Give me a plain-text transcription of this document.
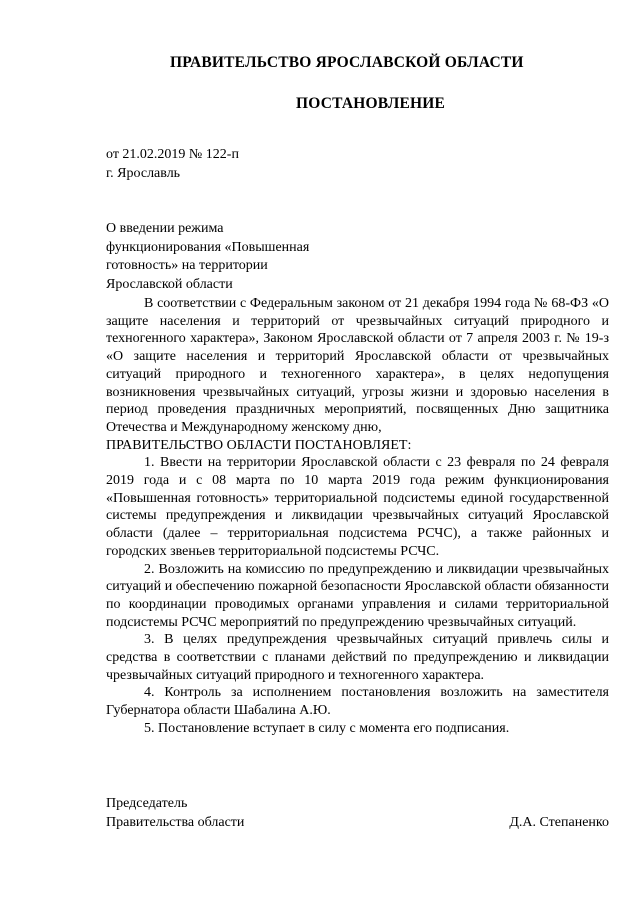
ПРАВИТЕЛЬСТВО ЯРОСЛАВСКОЙ ОБЛАСТИ
ПОСТАНОВЛЕНИЕ
от 21.02.2019 № 122-п
г. Ярославль
О введении режима
функционирования «Повышенная
готовность» на территории
Ярославской области

В соответствии с Федеральным законом от 21 декабря 1994 года № 68-ФЗ «О защите населения и территорий от чрезвычайных ситуаций природного и техногенного характера», Законом Ярославской области от 7 апреля 2003 г. № 19-з «О защите населения и территорий Ярославской области от чрезвычайных ситуаций природного и техногенного характера», в целях недопущения возникновения чрезвычайных ситуаций, угрозы жизни и здоровью населения в период проведения праздничных мероприятий, посвященных Дню защитника Отечества и Международному женскому дню,

ПРАВИТЕЛЬСТВО ОБЛАСТИ ПОСТАНОВЛЯЕТ:

1. Ввести на территории Ярославской области с 23 февраля по 24 февраля 2019 года и с 08 марта по 10 марта 2019 года режим функционирования «Повышенная готовность» территориальной подсистемы единой государственной системы предупреждения и ликвидации чрезвычайных ситуаций Ярославской области (далее – территориальная подсистема РСЧС), а также районных и городских звеньев территориальной подсистемы РСЧС.

2. Возложить на комиссию по предупреждению и ликвидации чрезвычайных ситуаций и обеспечению пожарной безопасности Ярославской области обязанности по координации проводимых органами управления и силами территориальной подсистемы РСЧС мероприятий по предупреждению чрезвычайных ситуаций.

3. В целях предупреждения чрезвычайных ситуаций привлечь силы и средства в соответствии с планами действий по предупреждению и ликвидации чрезвычайных ситуаций природного и техногенного характера.

4. Контроль за исполнением постановления возложить на заместителя Губернатора области Шабалина А.Ю.

5. Постановление вступает в силу с момента его подписания.

Председатель
Правительства области	Д.А. Степаненко
